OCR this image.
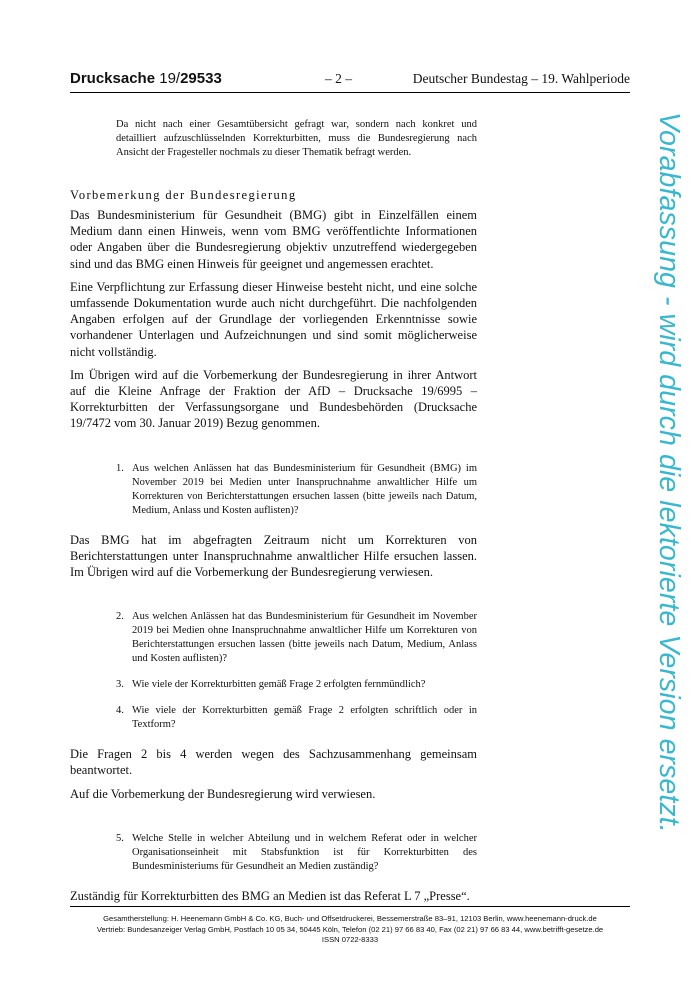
Drucksache 19/29533	– 2 –	Deutscher Bundestag – 19. Wahlperiode

Da nicht nach einer Gesamtübersicht gefragt war, sondern nach konkret und detailliert aufzuschlüsselnden Korrekturbitten, muss die Bundesregierung nach Ansicht der Fragesteller nochmals zu dieser Thematik befragt werden.

Vorbemerkung der Bundesregierung

Das Bundesministerium für Gesundheit (BMG) gibt in Einzelfällen einem Medium dann einen Hinweis, wenn vom BMG veröffentlichte Informationen oder Angaben über die Bundesregierung objektiv unzutreffend wiedergegeben sind und das BMG einen Hinweis für geeignet und angemessen erachtet.

Eine Verpflichtung zur Erfassung dieser Hinweise besteht nicht, und eine solche umfassende Dokumentation wurde auch nicht durchgeführt. Die nachfolgenden Angaben erfolgen auf der Grundlage der vorliegenden Erkenntnisse sowie vorhandener Unterlagen und Aufzeichnungen und sind somit möglicherweise nicht vollständig.

Im Übrigen wird auf die Vorbemerkung der Bundesregierung in ihrer Antwort auf die Kleine Anfrage der Fraktion der AfD – Drucksache 19/6995 – Korrekturbitten der Verfassungsorgane und Bundesbehörden (Drucksache 19/7472 vom 30. Januar 2019) Bezug genommen.

1. Aus welchen Anlässen hat das Bundesministerium für Gesundheit (BMG) im November 2019 bei Medien unter Inanspruchnahme anwaltlicher Hilfe um Korrekturen von Berichterstattungen ersuchen lassen (bitte jeweils nach Datum, Medium, Anlass und Kosten auflisten)?

Das BMG hat im abgefragten Zeitraum nicht um Korrekturen von Berichterstattungen unter Inanspruchnahme anwaltlicher Hilfe ersuchen lassen. Im Übrigen wird auf die Vorbemerkung der Bundesregierung verwiesen.

2. Aus welchen Anlässen hat das Bundesministerium für Gesundheit im November 2019 bei Medien ohne Inanspruchnahme anwaltlicher Hilfe um Korrekturen von Berichterstattungen ersuchen lassen (bitte jeweils nach Datum, Medium, Anlass und Kosten auflisten)?
3. Wie viele der Korrekturbitten gemäß Frage 2 erfolgten fernmündlich?
4. Wie viele der Korrekturbitten gemäß Frage 2 erfolgten schriftlich oder in Textform?

Die Fragen 2 bis 4 werden wegen des Sachzusammenhang gemeinsam beantwortet.

Auf die Vorbemerkung der Bundesregierung wird verwiesen.

5. Welche Stelle in welcher Abteilung und in welchem Referat oder in welcher Organisationseinheit mit Stabsfunktion ist für Korrekturbitten des Bundesministeriums für Gesundheit an Medien zuständig?

Zuständig für Korrekturbitten des BMG an Medien ist das Referat L 7 „Presse“.

Vorabfassung - wird durch die lektorierte Version ersetzt.
Gesamtherstellung: H. Heenemann GmbH & Co. KG, Buch- und Offsetdruckerei, Bessemerstraße 83–91, 12103 Berlin, www.heenemann-druck.de
Vertrieb: Bundesanzeiger Verlag GmbH, Postfach 10 05 34, 50445 Köln, Telefon (02 21) 97 66 83 40, Fax (02 21) 97 66 83 44, www.betrifft-gesetze.de
ISSN 0722-8333
